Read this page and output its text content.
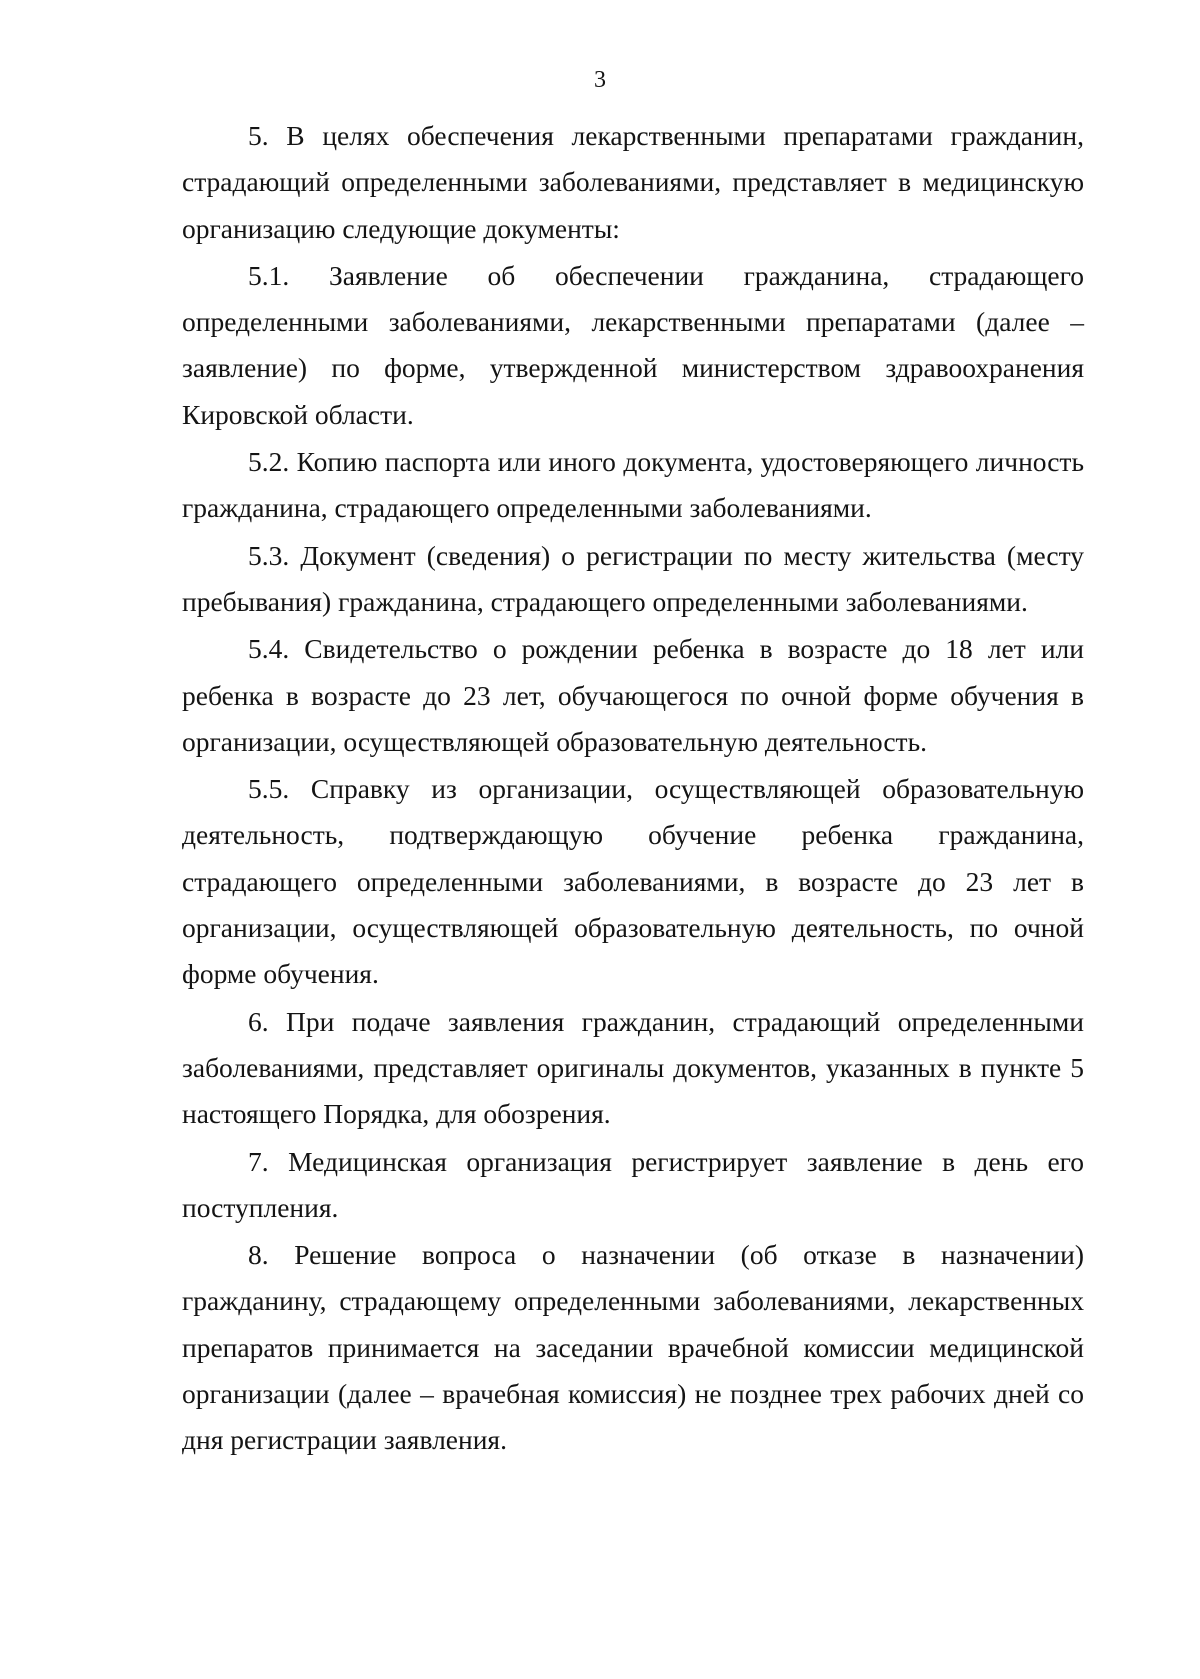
3

5. В целях обеспечения лекарственными препаратами гражданин, страдающий определенными заболеваниями, представляет в медицинскую организацию следующие документы:

5.1. Заявление об обеспечении гражданина, страдающего определенными заболеваниями, лекарственными препаратами (далее – заявление) по форме, утвержденной министерством здравоохранения Кировской области.

5.2. Копию паспорта или иного документа, удостоверяющего личность гражданина, страдающего определенными заболеваниями.

5.3. Документ (сведения) о регистрации по месту жительства (месту пребывания) гражданина, страдающего определенными заболеваниями.

5.4. Свидетельство о рождении ребенка в возрасте до 18 лет или ребенка в возрасте до 23 лет, обучающегося по очной форме обучения в организации, осуществляющей образовательную деятельность.

5.5. Справку из организации, осуществляющей образовательную деятельность, подтверждающую обучение ребенка гражданина, страдающего определенными заболеваниями, в возрасте до 23 лет в организации, осуществляющей образовательную деятельность, по очной форме обучения.

6. При подаче заявления гражданин, страдающий определенными заболеваниями, представляет оригиналы документов, указанных в пункте 5 настоящего Порядка, для обозрения.

7. Медицинская организация регистрирует заявление в день его поступления.

8. Решение вопроса о назначении (об отказе в назначении) гражданину, страдающему определенными заболеваниями, лекарственных препаратов принимается на заседании врачебной комиссии медицинской организации (далее – врачебная комиссия) не позднее трех рабочих дней со дня регистрации заявления.
